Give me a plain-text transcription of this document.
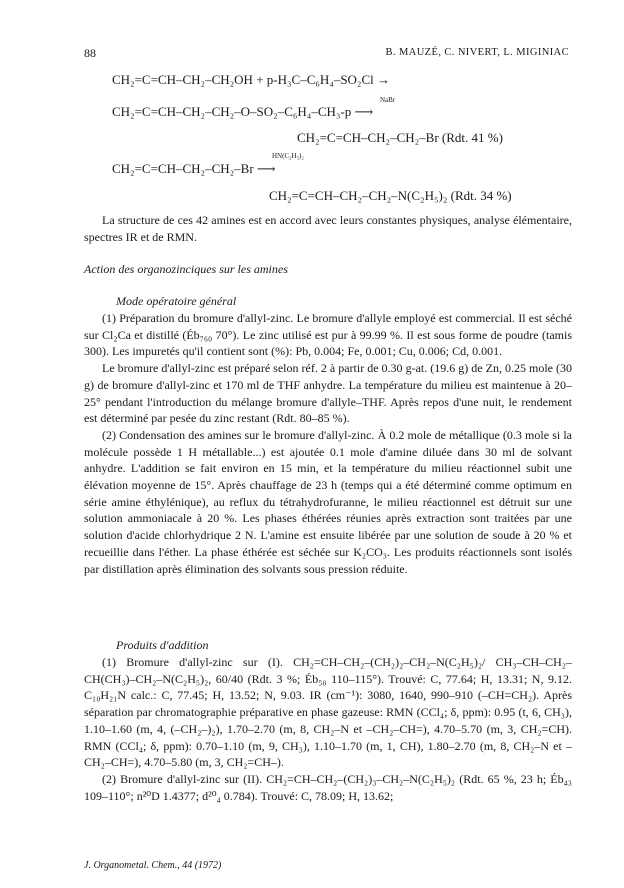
88	B. MAUZÉ, C. NIVERT, L. MIGINIAC
CH₂=C=CH–CH₂–CH₂OH + p-H₃C–C₆H₄–SO₂Cl →
NaBr
CH₂=C=CH–CH₂–CH₂–O–SO₂–C₆H₄–CH₃-p ⟶
CH₂=C=CH–CH₂–CH₂–Br (Rdt. 41 %)
HN(C₂H₅)₂
CH₂=C=CH–CH₂–CH₂–Br ⟶
CH₂=C=CH–CH₂–CH₂–N(C₂H₅)₂ (Rdt. 34 %)

La structure de ces 42 amines est en accord avec leurs constantes physiques, analyse élémentaire, spectres IR et de RMN.

Action des organozinciques sur les amines
Mode opératoire général

(1) Préparation du bromure d'allyl-zinc. Le bromure d'allyle employé est commercial. Il est séché sur Cl₂Ca et distillé (Éb₇₆₀ 70°). Le zinc utilisé est pur à 99.99 %. Il est sous forme de poudre (tamis 300). Les impuretés qu'il contient sont (%): Pb, 0.004; Fe, 0.001; Cu, 0.006; Cd, 0.001.

Le bromure d'allyl-zinc est préparé selon réf. 2 à partir de 0.30 g-at. (19.6 g) de Zn, 0.25 mole (30 g) de bromure d'allyl-zinc et 170 ml de THF anhydre. La température du milieu est maintenue à 20–25° pendant l'introduction du mélange bromure d'allyle–THF. Après repos d'une nuit, le rendement est déterminé par pesée du zinc restant (Rdt. 80–85 %).

(2) Condensation des amines sur le bromure d'allyl-zinc. À 0.2 mole de métallique (0.3 mole si la molécule possède 1 H métallable...) est ajoutée 0.1 mole d'amine diluée dans 30 ml de solvant anhydre. L'addition se fait environ en 15 min, et la température du milieu réactionnel subit une élévation moyenne de 15°. Après chauffage de 23 h (temps qui a été déterminé comme optimum en série amine éthylénique), au reflux du tétrahydrofuranne, le milieu réactionnel est détruit sur une solution ammoniacale à 20 %. Les phases éthérées réunies après extraction sont traitées par une solution d'acide chlorhydrique 2 N. L'amine est ensuite libérée par une solution de soude à 20 % et recueillie dans l'éther. La phase éthérée est séchée sur K₂CO₃. Les produits réactionnels sont isolés par distillation après élimination des solvants sous pression réduite.

Produits d'addition

(1) Bromure d'allyl-zinc sur (I). CH₂=CH–CH₂–(CH₂)₂–CH₂–N(C₂H₅)₂/ CH₃–CH–CH₂–CH(CH₃)–CH₂–N(C₂H₅)₂, 60/40 (Rdt. 3 %; Éb₅₀ 110–115°). Trouvé: C, 77.64; H, 13.31; N, 9.12. C₁₀H₂₁N calc.: C, 77.45; H, 13.52; N, 9.03. IR (cm⁻¹): 3080, 1640, 990–910 (–CH=CH₂). Après séparation par chromatographie préparative en phase gazeuse: RMN (CCl₄; δ, ppm): 0.95 (t, 6, CH₃), 1.10–1.60 (m, 4, (–CH₂–)₂), 1.70–2.70 (m, 8, CH₂–N et –CH₂–CH=), 4.70–5.70 (m, 3, CH₂=CH). RMN (CCl₄; δ, ppm): 0.70–1.10 (m, 9, CH₃), 1.10–1.70 (m, 1, CH), 1.80–2.70 (m, 8, CH₂–N et –CH₂–CH=), 4.70–5.80 (m, 3, CH₂=CH–).

(2) Bromure d'allyl-zinc sur (II). CH₂=CH–CH₂–(CH₂)₃–CH₂–N(C₂H₅)₂ (Rdt. 65 %, 23 h; Éb₄₃ 109–110°; n²⁰D 1.4377; d²⁰₄ 0.784). Trouvé: C, 78.09; H, 13.62;

J. Organometal. Chem., 44 (1972)
